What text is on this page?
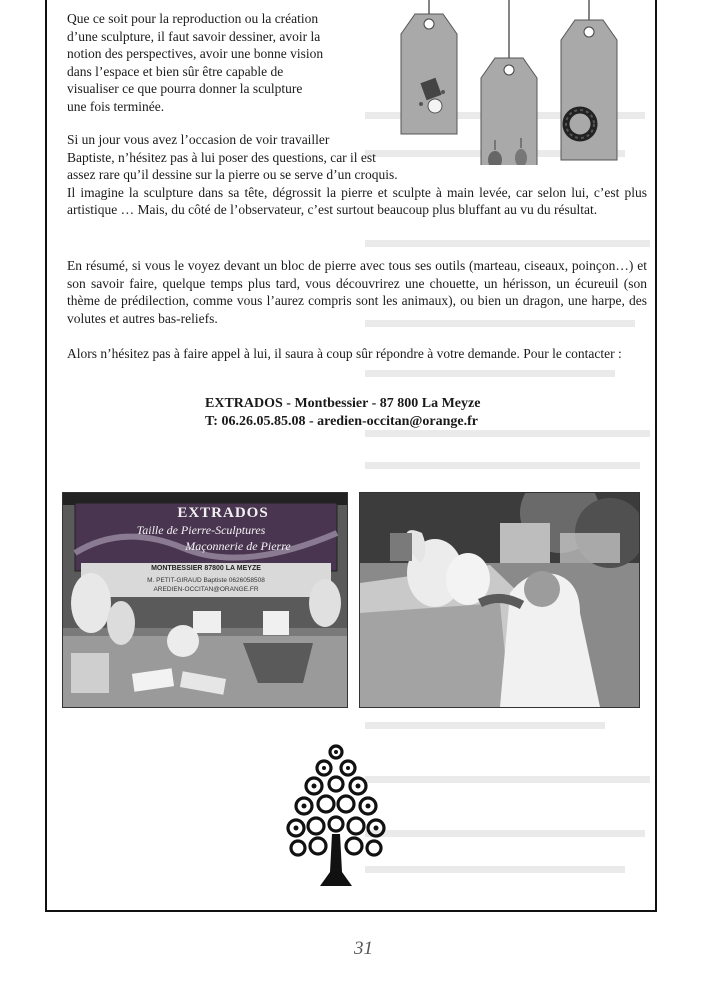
Que ce soit pour la reproduction ou la création

d’une sculpture, il faut savoir dessiner, avoir la

notion des perspectives, avoir une bonne vision

dans l’espace et bien sûr être capable de

visualiser ce que pourra donner la sculpture

une fois terminée.

Si un jour vous avez l’occasion de voir travailler

Baptiste, n’hésitez pas à lui poser des questions, car il est

assez rare qu’il dessine sur la pierre ou se serve d’un croquis.

Il imagine la sculpture dans sa tête, dégrossit la pierre et sculpte à main levée, car selon lui, c’est plus artistique … Mais, du côté de l’observateur, c’est surtout beaucoup plus bluffant au vu du résultat.

En résumé, si vous le voyez devant un bloc de pierre avec tous ses outils (marteau, ciseaux, poinçon…) et son savoir faire, quelque temps plus tard, vous découvrirez une chouette, un hérisson, un écureuil (son thème de prédilection, comme vous l’aurez compris sont les animaux), ou bien un dragon, une harpe, des volutes et autres bas-reliefs.
Alors n’hésitez pas à faire appel à lui, il saura à coup sûr répondre à votre demande. Pour le contacter :
EXTRADOS - Montbessier - 87 800 La Meyze
T: 06.26.05.85.08 - aredien-occitan@orange.fr
EXTRADOS
Taille de Pierre-Sculptures
Maçonnerie de Pierre
MONTBESSIER 87800 LA MEYZE
M. PETIT-GIRAUD Baptiste 0626058508
AREDIEN-OCCITAN@ORANGE.FR
31
